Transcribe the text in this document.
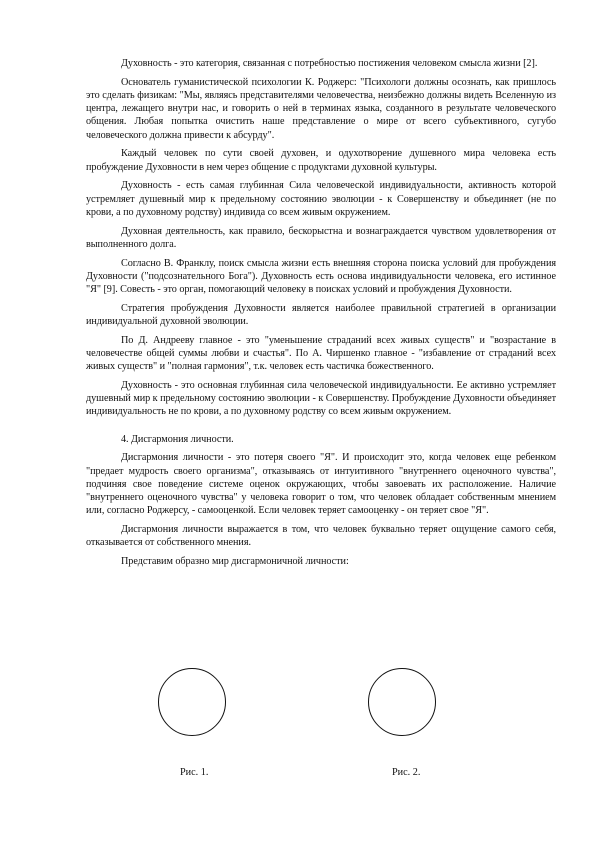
Духовность - это категория, связанная с потребностью постижения человеком смысла жизни [2].

Основатель гуманистической психологии К. Роджерс: "Психологи должны осознать, как пришлось это сделать физикам: "Мы, являясь представителями человечества, неизбежно должны видеть Вселенную из центра, лежащего внутри нас, и говорить о ней в терминах языка, созданного в результате человеческого общения. Любая попытка очистить наше представление о мире от всего субъективного, сугубо человеческого должна привести к абсурду".

Каждый человек по сути своей духовен, и одухотворение душевного мира человека есть пробуждение Духовности в нем через общение с продуктами духовной культуры.

Духовность - есть самая глубинная Сила человеческой индивидуальности, активность которой устремляет душевный мир к предельному состоянию эволюции - к Совершенству и объединяет (не по крови, а по духовному родству) индивида со всем живым окружением.

Духовная деятельность, как правило, бескорыстна и вознаграждается чувством удовлетворения от выполненного долга.

Согласно В. Франклу, поиск смысла жизни есть внешняя сторона поиска условий для пробуждения Духовности ("подсознательного Бога"). Духовность есть основа индивидуальности человека, его истинное "Я" [9]. Совесть - это орган, помогающий человеку в поисках условий и пробуждения Духовности.

Стратегия пробуждения Духовности является наиболее правильной стратегией в организации индивидуальной духовной эволюции.

По Д. Андрееву главное - это "уменьшение страданий всех живых существ" и "возрастание в человечестве общей суммы любви и счастья". По А. Чиршенко главное - "избавление от страданий всех живых существ" и "полная гармония", т.к. человек есть частичка божественного.

Духовность - это основная глубинная сила человеческой индивидуальности. Ее активно устремляет душевный мир к предельному состоянию эволюции - к Совершенству. Пробуждение Духовности объединяет индивидуальность не по крови, а по духовному родству со всем живым окружением.

4. Дисгармония личности.

Дисгармония личности - это потеря своего "Я". И происходит это, когда человек еще ребенком "предает мудрость своего организма", отказываясь от интуитивного "внутреннего оценочного чувства", подчиняя свое поведение системе оценок окружающих, чтобы завоевать их расположение. Наличие "внутреннего оценочного чувства" у человека говорит о том, что человек обладает собственным мнением или, согласно Роджерсу, - самооценкой. Если человек теряет самооценку - он теряет свое "Я".

Дисгармония личности выражается в том, что человек буквально теряет ощущение самого себя, отказывается от собственного мнения.

Представим образно мир дисгармоничной личности:

Рис. 1.	Рис. 2.
